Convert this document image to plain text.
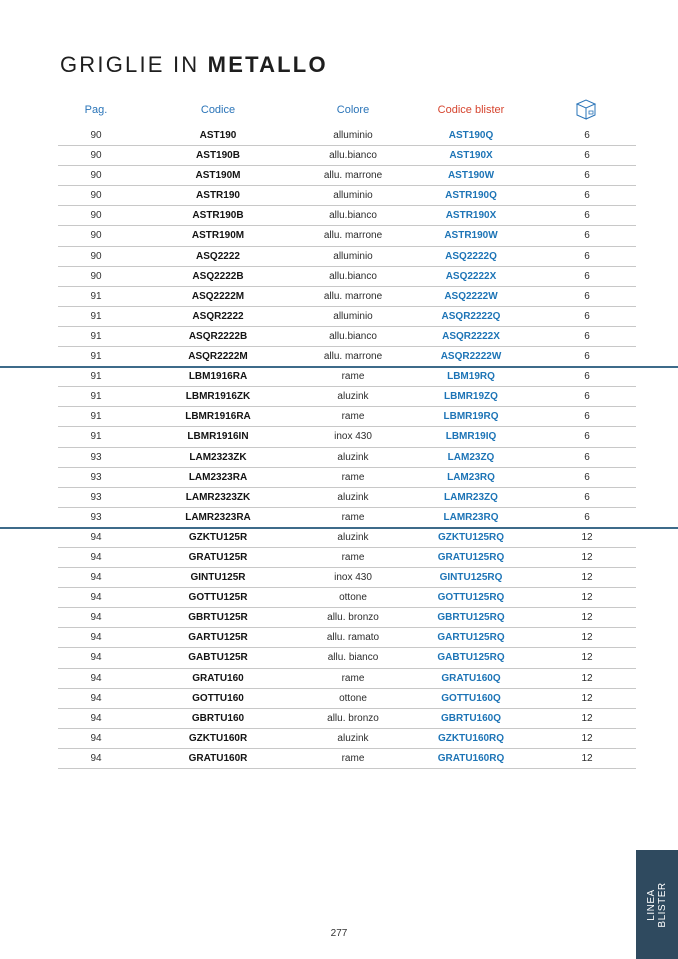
GRIGLIE IN METALLO
Pag.	Codice	Colore	Codice blister
90	AST190	alluminio	AST190Q	6
90	AST190B	allu.bianco	AST190X	6
90	AST190M	allu. marrone	AST190W	6
90	ASTR190	alluminio	ASTR190Q	6
90	ASTR190B	allu.bianco	ASTR190X	6
90	ASTR190M	allu. marrone	ASTR190W	6
90	ASQ2222	alluminio	ASQ2222Q	6
90	ASQ2222B	allu.bianco	ASQ2222X	6
91	ASQ2222M	allu. marrone	ASQ2222W	6
91	ASQR2222	alluminio	ASQR2222Q	6
91	ASQR2222B	allu.bianco	ASQR2222X	6
91	ASQR2222M	allu. marrone	ASQR2222W	6
91	LBM1916RA	rame	LBM19RQ	6
91	LBMR1916ZK	aluzink	LBMR19ZQ	6
91	LBMR1916RA	rame	LBMR19RQ	6
91	LBMR1916IN	inox 430	LBMR19IQ	6
93	LAM2323ZK	aluzink	LAM23ZQ	6
93	LAM2323RA	rame	LAM23RQ	6
93	LAMR2323ZK	aluzink	LAMR23ZQ	6
93	LAMR2323RA	rame	LAMR23RQ	6
94	GZKTU125R	aluzink	GZKTU125RQ	12
94	GRATU125R	rame	GRATU125RQ	12
94	GINTU125R	inox 430	GINTU125RQ	12
94	GOTTU125R	ottone	GOTTU125RQ	12
94	GBRTU125R	allu. bronzo	GBRTU125RQ	12
94	GARTU125R	allu. ramato	GARTU125RQ	12
94	GABTU125R	allu. bianco	GABTU125RQ	12
94	GRATU160	rame	GRATU160Q	12
94	GOTTU160	ottone	GOTTU160Q	12
94	GBRTU160	allu. bronzo	GBRTU160Q	12
94	GZKTU160R	aluzink	GZKTU160RQ	12
94	GRATU160R	rame	GRATU160RQ	12
277
LINEA BLISTER
